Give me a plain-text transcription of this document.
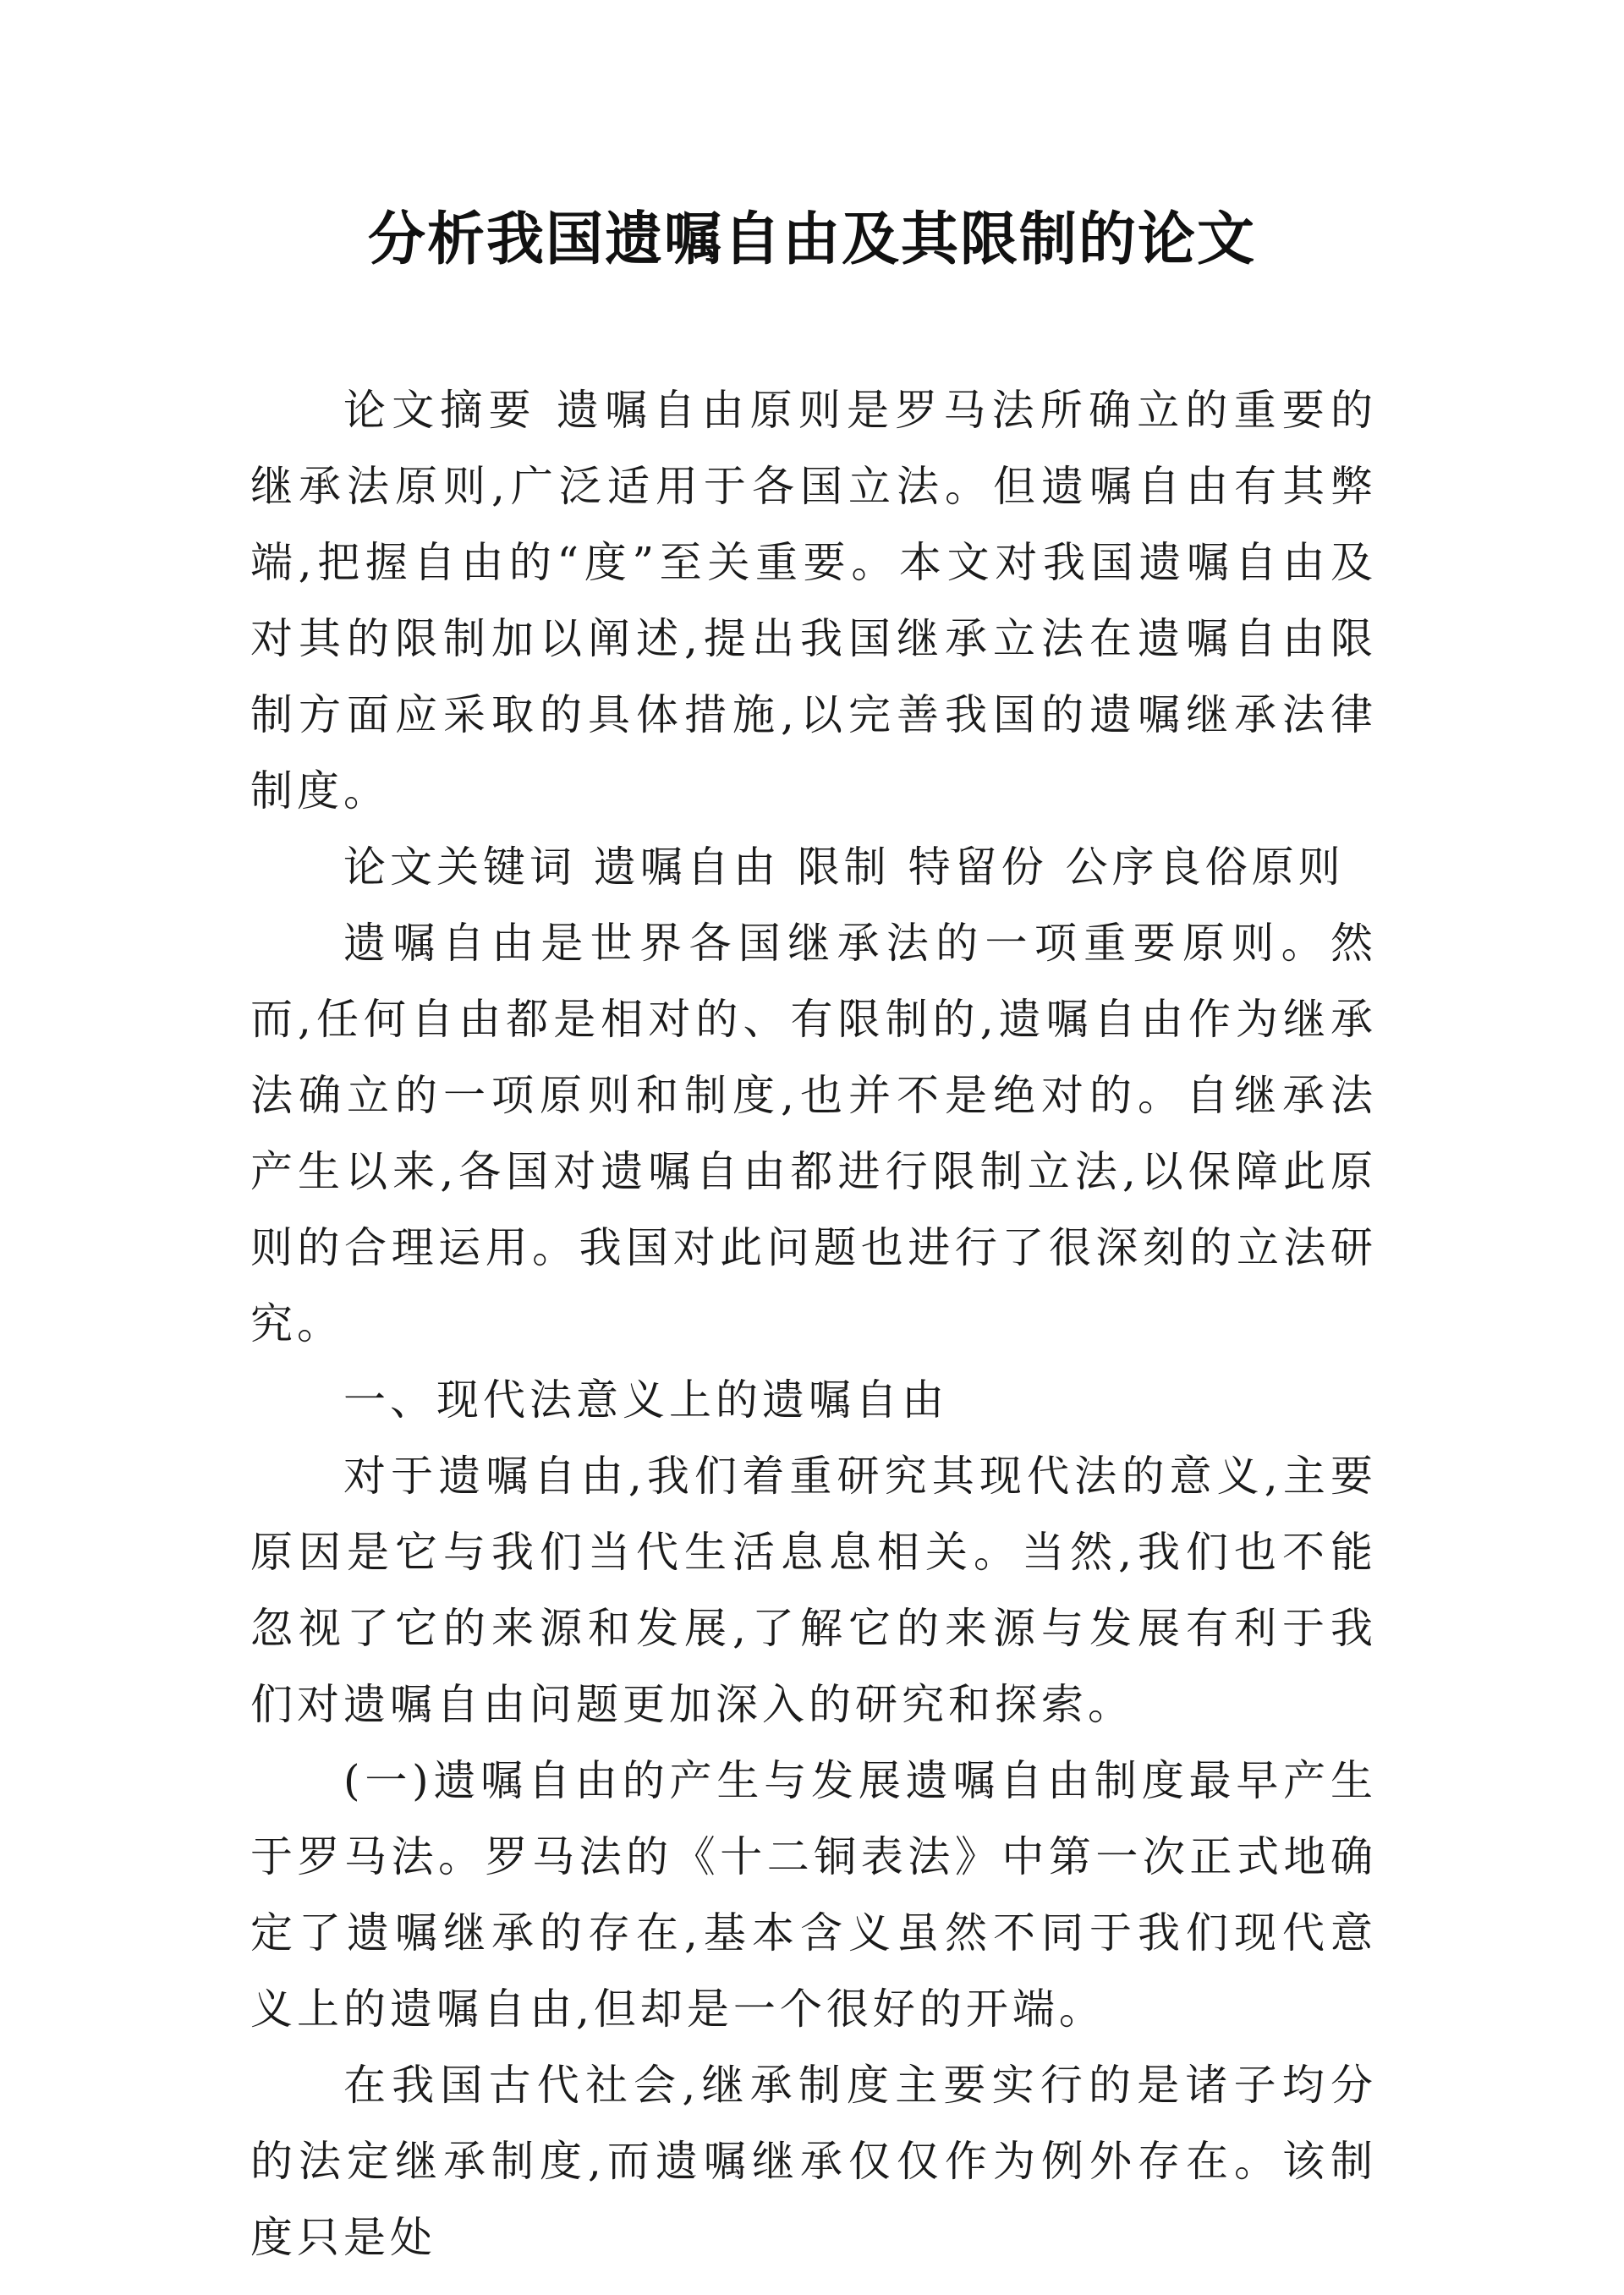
分析我国遗嘱自由及其限制的论文

论文摘要 遗嘱自由原则是罗马法所确立的重要的继承法原则,广泛适用于各国立法。但遗嘱自由有其弊端,把握自由的“度”至关重要。本文对我国遗嘱自由及对其的限制加以阐述,提出我国继承立法在遗嘱自由限制方面应采取的具体措施,以完善我国的遗嘱继承法律制度。

论文关键词 遗嘱自由 限制 特留份 公序良俗原则

遗嘱自由是世界各国继承法的一项重要原则。然而,任何自由都是相对的、有限制的,遗嘱自由作为继承法确立的一项原则和制度,也并不是绝对的。自继承法产生以来,各国对遗嘱自由都进行限制立法,以保障此原则的合理运用。我国对此问题也进行了很深刻的立法研究。

一、现代法意义上的遗嘱自由

对于遗嘱自由,我们着重研究其现代法的意义,主要原因是它与我们当代生活息息相关。当然,我们也不能忽视了它的来源和发展,了解它的来源与发展有利于我们对遗嘱自由问题更加深入的研究和探索。

(一)遗嘱自由的产生与发展遗嘱自由制度最早产生于罗马法。罗马法的《十二铜表法》中第一次正式地确定了遗嘱继承的存在,基本含义虽然不同于我们现代意义上的遗嘱自由,但却是一个很好的开端。

在我国古代社会,继承制度主要实行的是诸子均分的法定继承制度,而遗嘱继承仅仅作为例外存在。该制度只是处
